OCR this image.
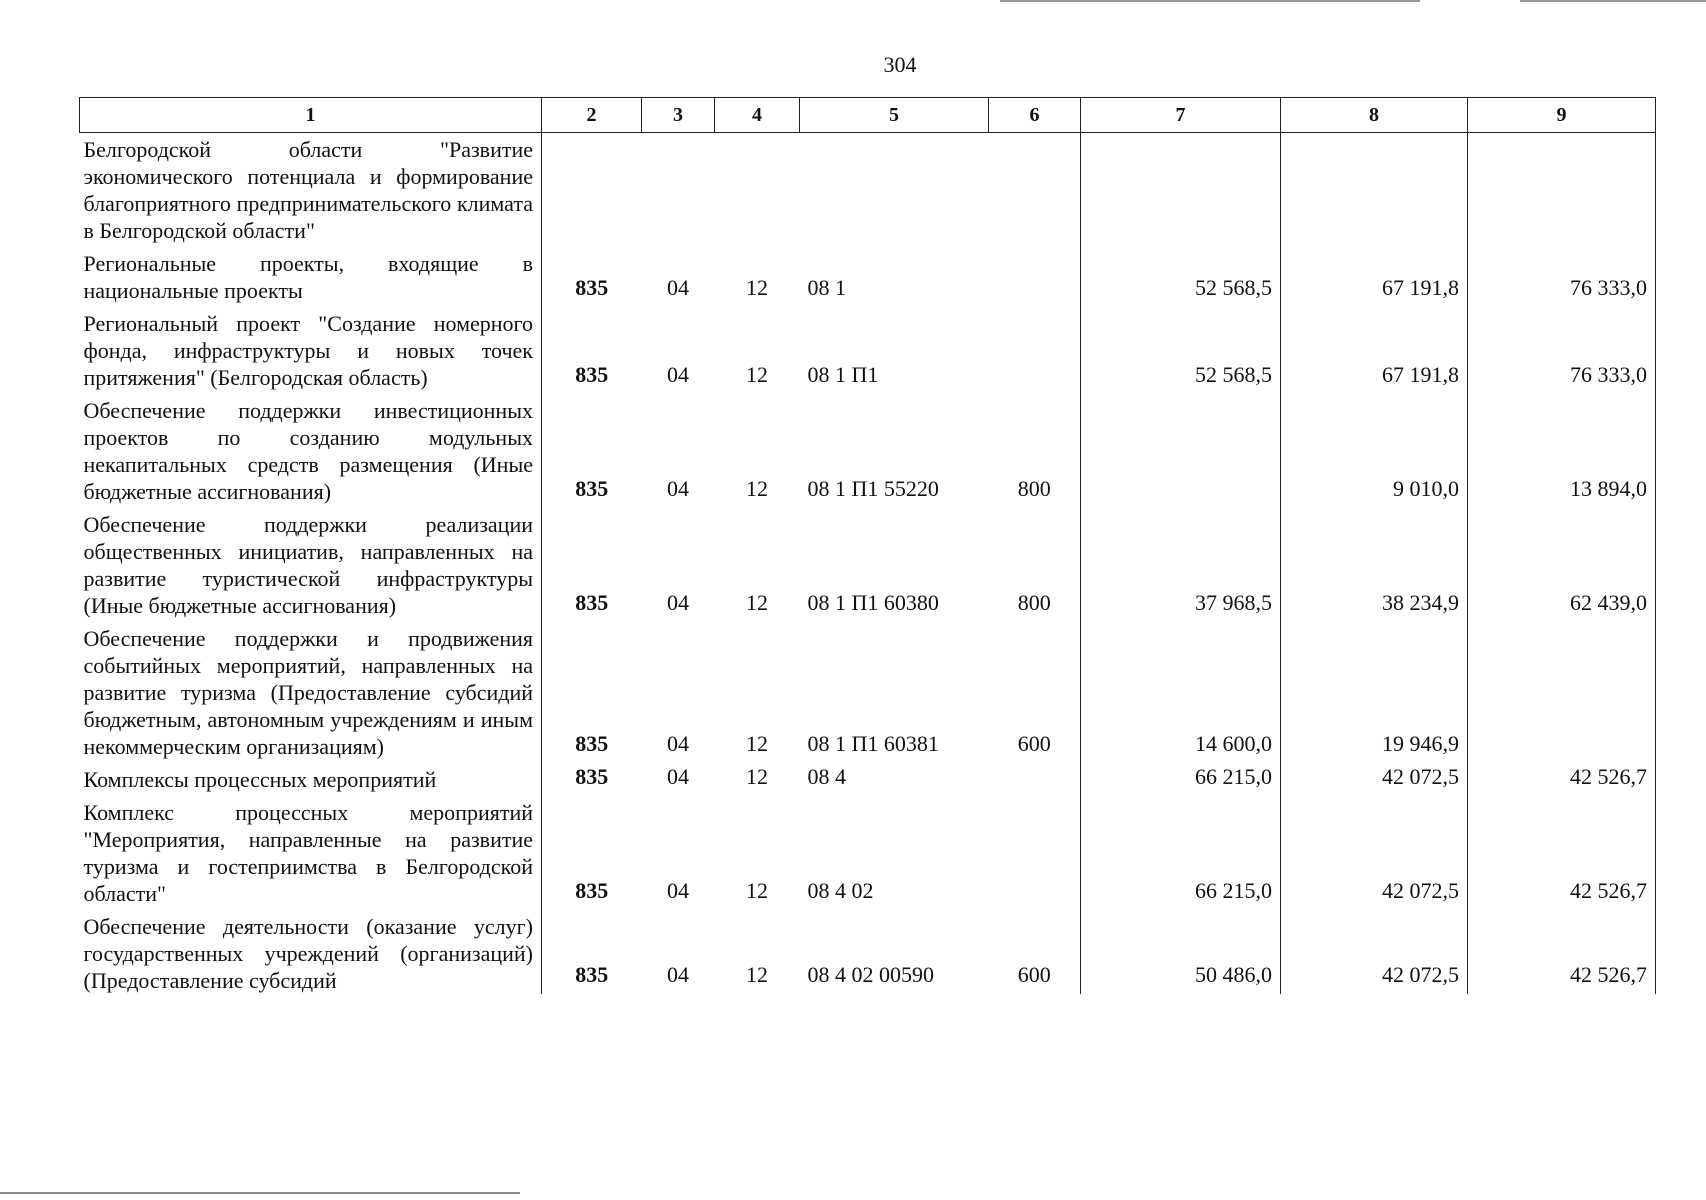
304
1	2	3	4	5	6	7	8	9
Белгородской области "Развитие экономического потенциала и формирование благоприятного предпринимательского климата в Белгородской области"								
Региональные проекты, входящие в национальные проекты	835	04	12	08 1		52 568,5	67 191,8	76 333,0
Региональный проект "Создание номерного фонда, инфраструктуры и новых точек притяжения" (Белгородская область)	835	04	12	08 1 П1		52 568,5	67 191,8	76 333,0
Обеспечение поддержки инвестиционных проектов по созданию модульных некапитальных средств размещения (Иные бюджетные ассигнования)	835	04	12	08 1 П1 55220	800		9 010,0	13 894,0
Обеспечение поддержки реализации общественных инициатив, направленных на развитие туристической инфраструктуры (Иные бюджетные ассигнования)	835	04	12	08 1 П1 60380	800	37 968,5	38 234,9	62 439,0
Обеспечение поддержки и продвижения событийных мероприятий, направленных на развитие туризма (Предоставление субсидий бюджетным, автономным учреждениям и иным некоммерческим организациям)	835	04	12	08 1 П1 60381	600	14 600,0	19 946,9	
Комплексы процессных мероприятий	835	04	12	08 4		66 215,0	42 072,5	42 526,7
Комплекс процессных мероприятий "Мероприятия, направленные на развитие туризма и гостеприимства в Белгородской области"	835	04	12	08 4 02		66 215,0	42 072,5	42 526,7
Обеспечение деятельности (оказание услуг) государственных учреждений (организаций) (Предоставление субсидий	835	04	12	08 4 02 00590	600	50 486,0	42 072,5	42 526,7
